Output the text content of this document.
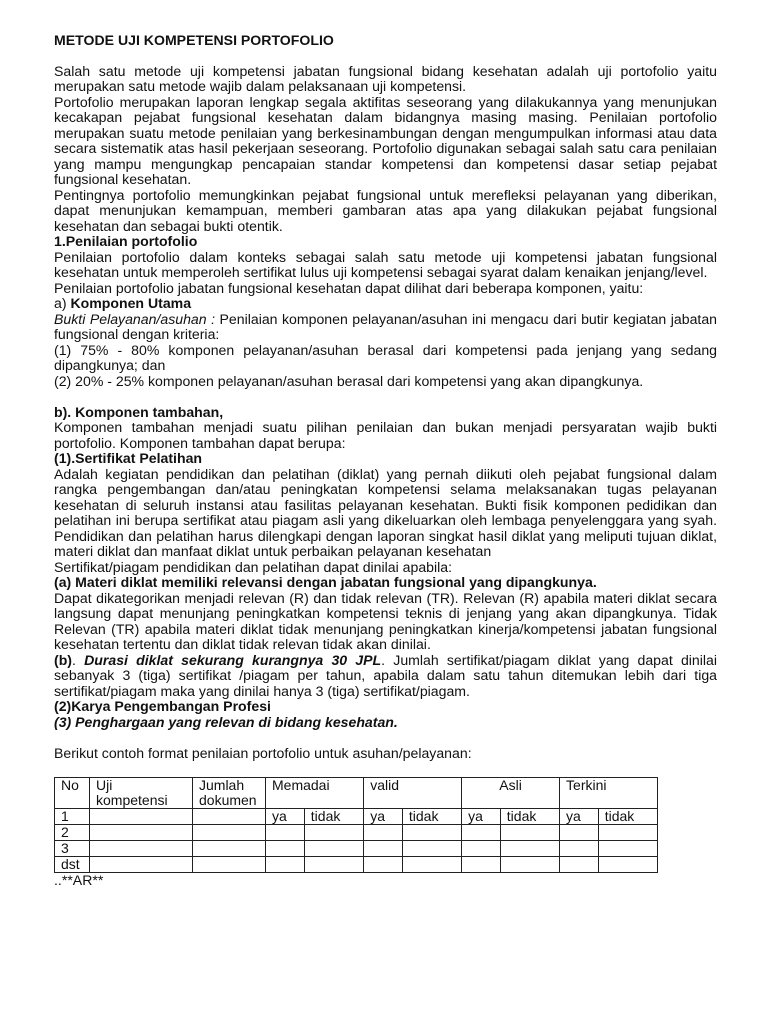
METODE UJI KOMPETENSI PORTOFOLIO

Salah satu metode uji kompetensi jabatan fungsional bidang kesehatan adalah uji portofolio yaitu merupakan satu metode wajib dalam pelaksanaan uji kompetensi.

Portofolio merupakan laporan lengkap segala aktifitas seseorang yang dilakukannya yang menunjukan kecakapan pejabat fungsional kesehatan dalam bidangnya masing masing. Penilaian portofolio merupakan suatu metode penilaian yang berkesinambungan dengan mengumpulkan informasi atau data secara sistematik atas hasil pekerjaan seseorang. Portofolio digunakan sebagai salah satu cara penilaian yang mampu mengungkap pencapaian standar kompetensi dan kompetensi dasar setiap pejabat fungsional kesehatan.

Pentingnya portofolio memungkinkan pejabat fungsional untuk merefleksi pelayanan yang diberikan, dapat menunjukan kemampuan, memberi gambaran atas apa yang dilakukan pejabat fungsional kesehatan dan sebagai bukti otentik.

1.Penilaian portofolio

Penilaian portofolio dalam konteks sebagai salah satu metode uji kompetensi jabatan fungsional kesehatan untuk memperoleh sertifikat lulus uji kompetensi sebagai syarat dalam kenaikan jenjang/level.

Penilaian portofolio jabatan fungsional kesehatan dapat dilihat dari beberapa komponen, yaitu:

a) Komponen Utama

Bukti Pelayanan/asuhan : Penilaian komponen pelayanan/asuhan ini mengacu dari butir kegiatan jabatan fungsional dengan kriteria:

(1) 75% - 80% komponen pelayanan/asuhan berasal dari kompetensi pada jenjang yang sedang dipangkunya; dan

(2) 20% - 25% komponen pelayanan/asuhan berasal dari kompetensi yang akan dipangkunya.

b). Komponen tambahan,

Komponen tambahan menjadi suatu pilihan penilaian dan bukan menjadi persyaratan wajib bukti portofolio. Komponen tambahan dapat berupa:

(1).Sertifikat Pelatihan

Adalah kegiatan pendidikan dan pelatihan (diklat) yang pernah diikuti oleh pejabat fungsional dalam rangka pengembangan dan/atau peningkatan kompetensi selama melaksanakan tugas pelayanan kesehatan di seluruh instansi atau fasilitas pelayanan kesehatan. Bukti fisik komponen pedidikan dan pelatihan ini berupa sertifikat atau piagam asli yang dikeluarkan oleh lembaga penyelenggara yang syah. Pendidikan dan pelatihan harus dilengkapi dengan laporan singkat hasil diklat yang meliputi tujuan diklat, materi diklat dan manfaat diklat untuk perbaikan pelayanan kesehatan

Sertifikat/piagam pendidikan dan pelatihan dapat dinilai apabila:

(a) Materi diklat memiliki relevansi dengan jabatan fungsional yang dipangkunya.

Dapat dikategorikan menjadi relevan (R) dan tidak relevan (TR). Relevan (R) apabila materi diklat secara langsung dapat menunjang peningkatkan kompetensi teknis di jenjang yang akan dipangkunya. Tidak Relevan (TR) apabila materi diklat tidak menunjang peningkatkan kinerja/kompetensi jabatan fungsional kesehatan tertentu dan diklat tidak relevan tidak akan dinilai.

(b). Durasi diklat sekurang kurangnya 30 JPL. Jumlah sertifikat/piagam diklat yang dapat dinilai sebanyak 3 (tiga) sertifikat /piagam per tahun, apabila dalam satu tahun ditemukan lebih dari tiga sertifikat/piagam maka yang dinilai hanya 3 (tiga) sertifikat/piagam.

(2)Karya Pengembangan Profesi

(3) Penghargaan yang relevan di bidang kesehatan.

Berikut contoh format penilaian portofolio untuk asuhan/pelayanan:

No	Uji kompetensi	Jumlah dokumen	Memadai		valid		Asli		Terkini	
1			ya	tidak	ya	tidak	ya	tidak	ya	tidak
2										
3										
dst										

..**AR**
